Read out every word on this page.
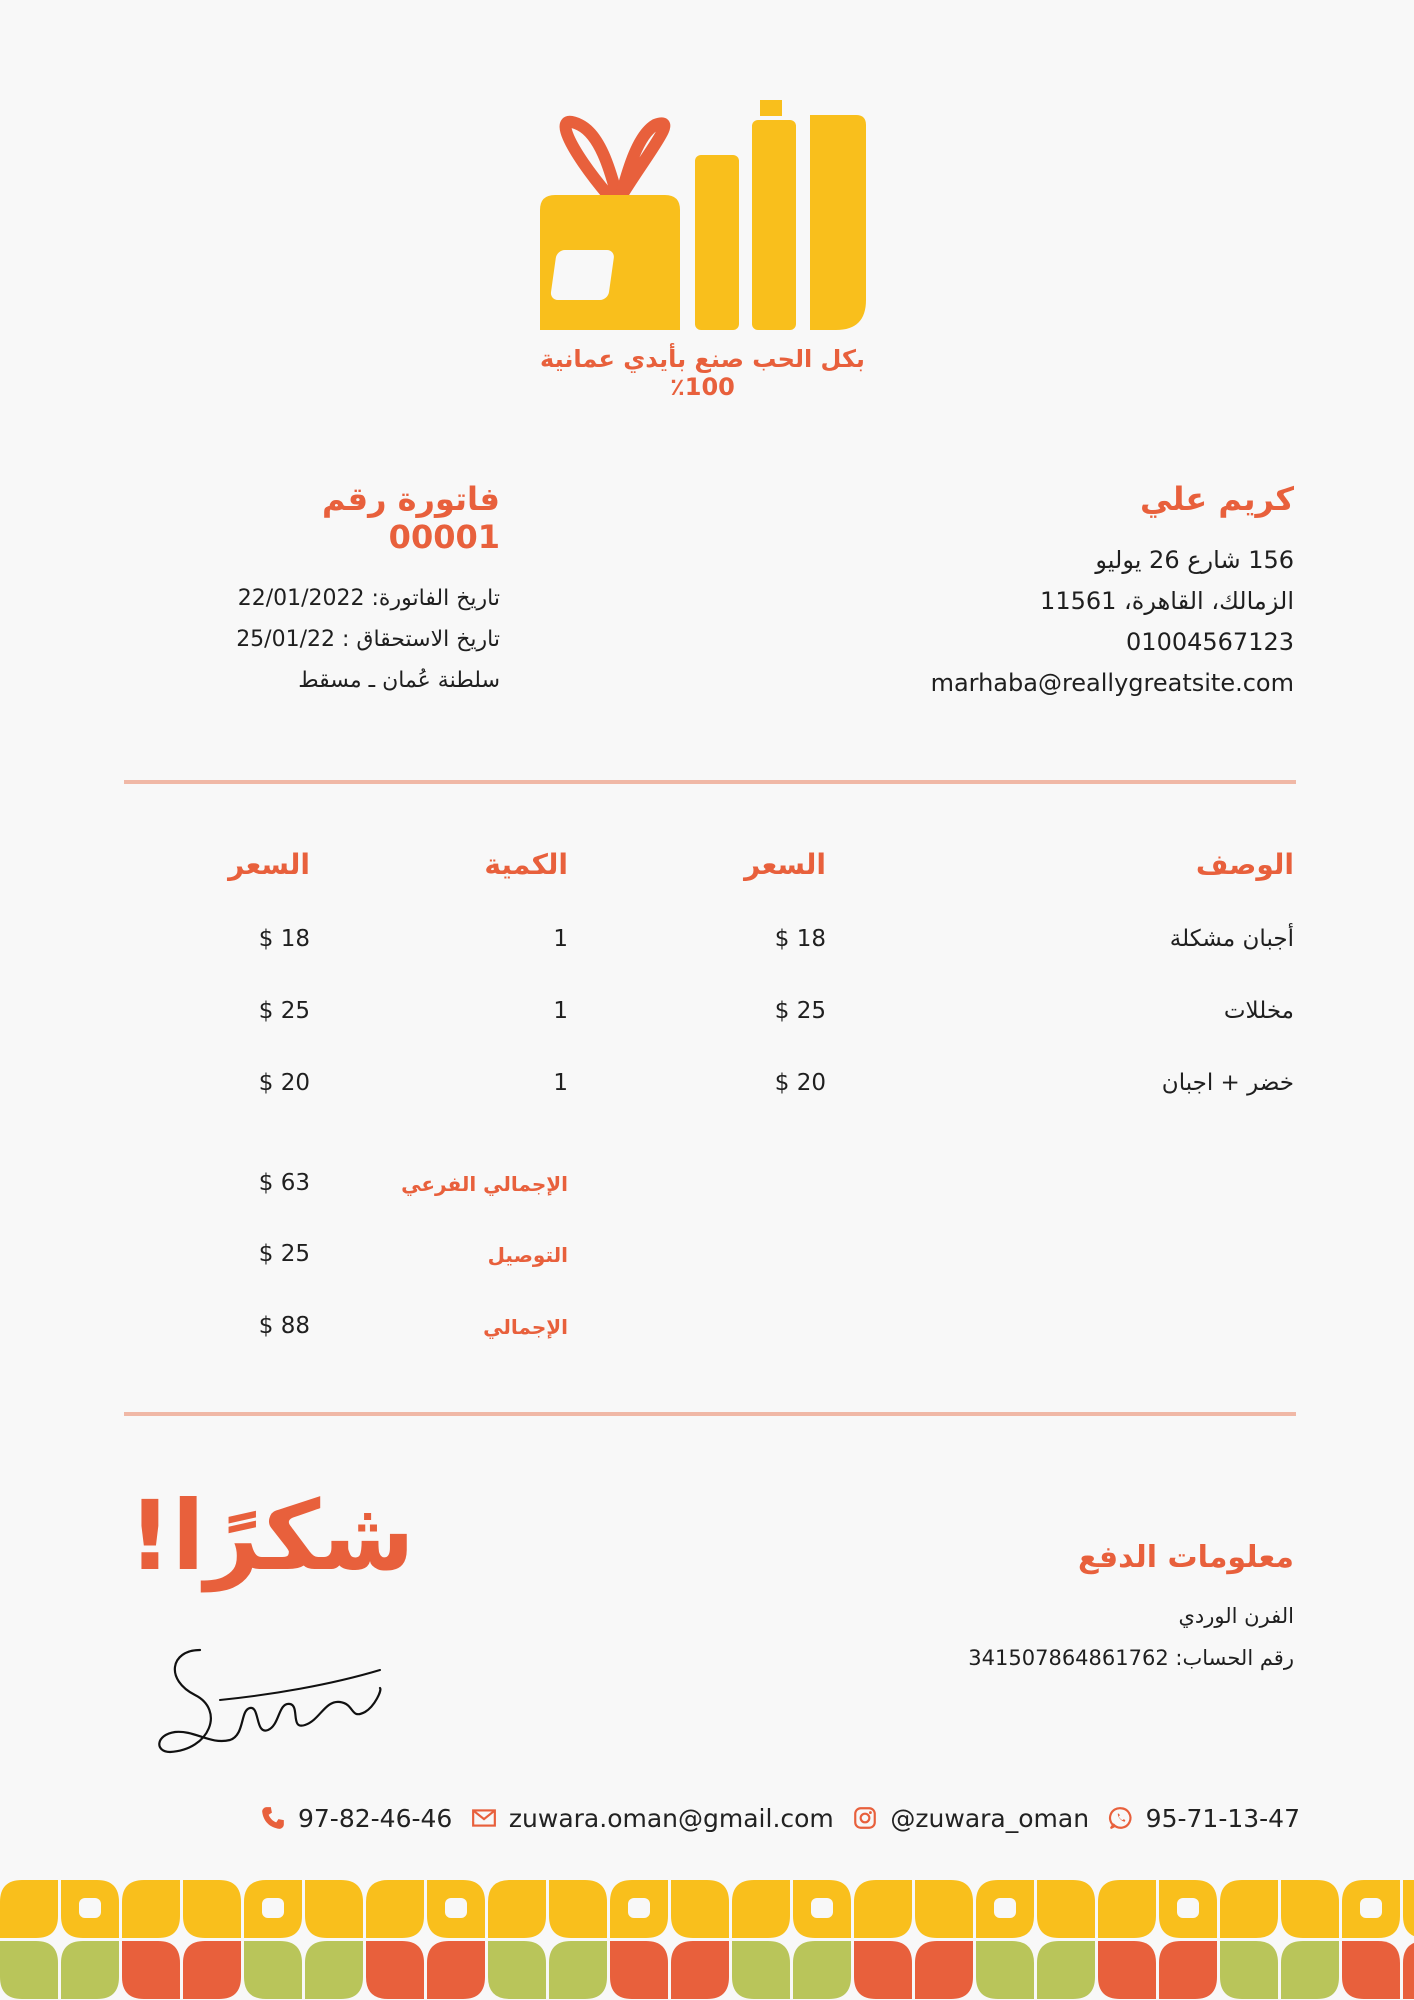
بكل الحب صنع بأيدي عمانية 100٪
كريم علي
156 شارع 26 يوليو
الزمالك، القاهرة، 11561
01004567123
marhaba@reallygreatsite.com
فاتورة رقم 00001
تاريخ الفاتورة: 22/01/2022
تاريخ الاستحقاق : 25/01/22
سلطنة عُمان ـ مسقط
الوصف
السعر
الكمية
السعر
أجبان مشكلة
$ 18
1
$ 18
مخللات
$ 25
1
$ 25
خضر + اجبان
$ 20
1
$ 20
الإجمالي الفرعي
$ 63
التوصيل
$ 25
الإجمالي
$ 88
شكرًا!	معلومات الدفع
الفرن الوردي
رقم الحساب: 341507864861762
97-82-46-46 zuwara.oman@gmail.com @zuwara_oman 95-71-13-47
